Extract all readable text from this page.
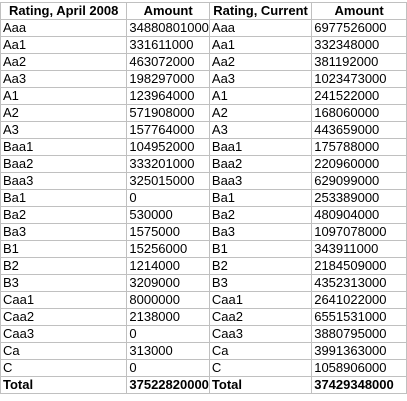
Rating, April 2008	Amount	Rating, Current	Amount
Aaa	34880801000	Aaa	6977526000
Aa1	331611000	Aa1	332348000
Aa2	463072000	Aa2	381192000
Aa3	198297000	Aa3	1023473000
A1	123964000	A1	241522000
A2	571908000	A2	168060000
A3	157764000	A3	443659000
Baa1	104952000	Baa1	175788000
Baa2	333201000	Baa2	220960000
Baa3	325015000	Baa3	629099000
Ba1	0	Ba1	253389000
Ba2	530000	Ba2	480904000
Ba3	1575000	Ba3	1097078000
B1	15256000	B1	343911000
B2	1214000	B2	2184509000
B3	3209000	B3	4352313000
Caa1	8000000	Caa1	2641022000
Caa2	2138000	Caa2	6551531000
Caa3	0	Caa3	3880795000
Ca	313000	Ca	3991363000
C	0	C	1058906000
Total	37522820000	Total	37429348000
